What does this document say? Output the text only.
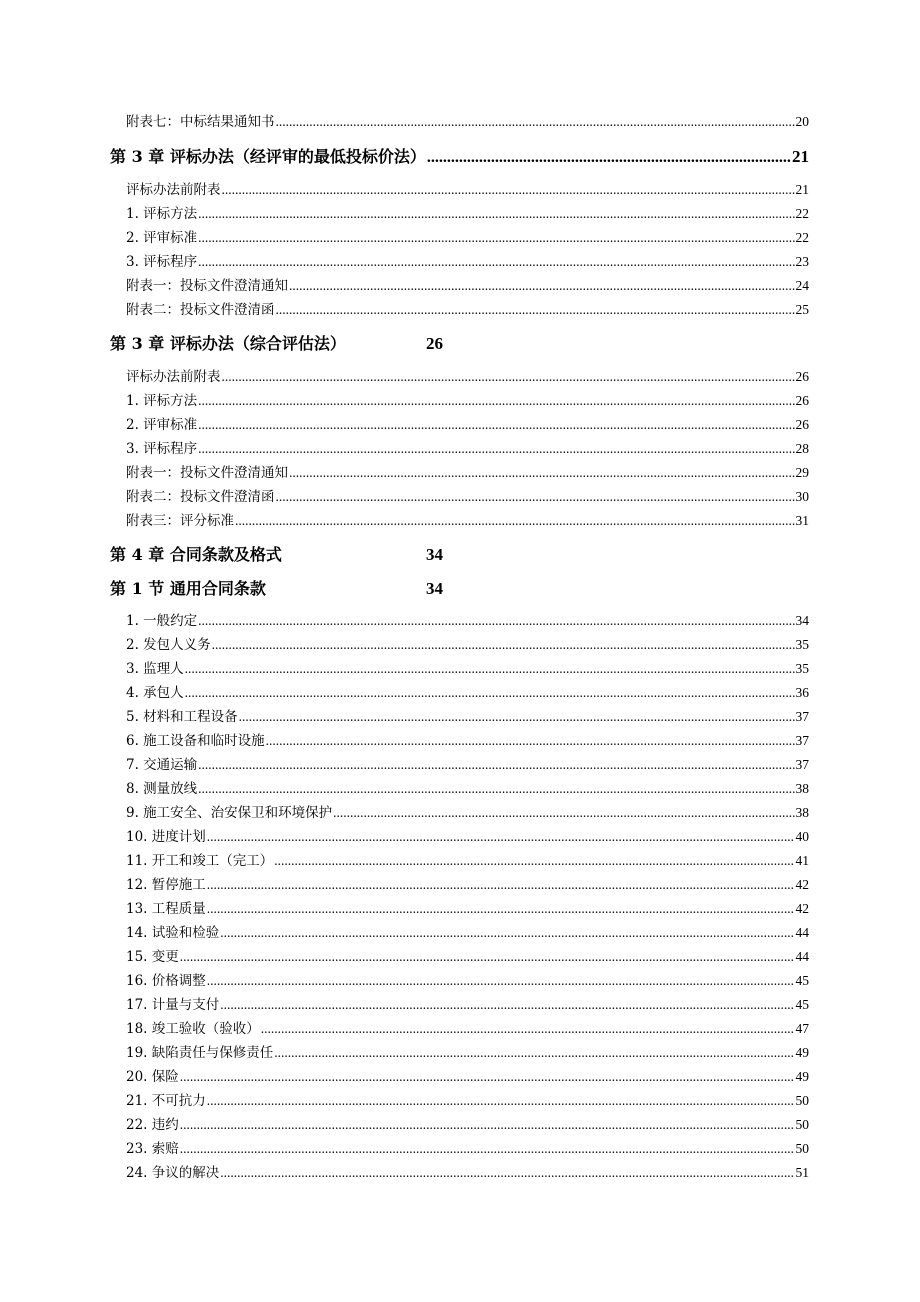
附表七：中标结果通知书 .....	20
第 3 章 评标办法（经评审的最低投标价法） .....	21
评标办法前附表 .....	21
1. 评标方法 .....	22
2. 评审标准 .....	22
3. 评标程序 .....	23
附表一：投标文件澄清通知 .....	24
附表二：投标文件澄清函 .....	25
第 3 章 评标办法（综合评估法）	26
评标办法前附表 .....	26
1. 评标方法 .....	26
2. 评审标准 .....	26
3. 评标程序 .....	28
附表一：投标文件澄清通知 .....	29
附表二：投标文件澄清函 .....	30
附表三：评分标准 .....	31
第 4 章 合同条款及格式	34
第 1 节 通用合同条款	34
1. 一般约定 .....	34
2. 发包人义务 .....	35
3. 监理人 .....	35
4. 承包人 .....	36
5. 材料和工程设备 .....	37
6. 施工设备和临时设施 .....	37
7. 交通运输 .....	37
8. 测量放线 .....	38
9. 施工安全、治安保卫和环境保护 .....	38
10. 进度计划 .....	40
11. 开工和竣工（完工） .....	41
12. 暂停施工 .....	42
13. 工程质量 .....	42
14. 试验和检验 .....	44
15. 变更 .....	44
16. 价格调整 .....	45
17. 计量与支付 .....	45
18. 竣工验收（验收） .....	47
19. 缺陷责任与保修责任 .....	49
20. 保险 .....	49
21. 不可抗力 .....	50
22. 违约 .....	50
23. 索赔 .....	50
24. 争议的解决 .....	51
